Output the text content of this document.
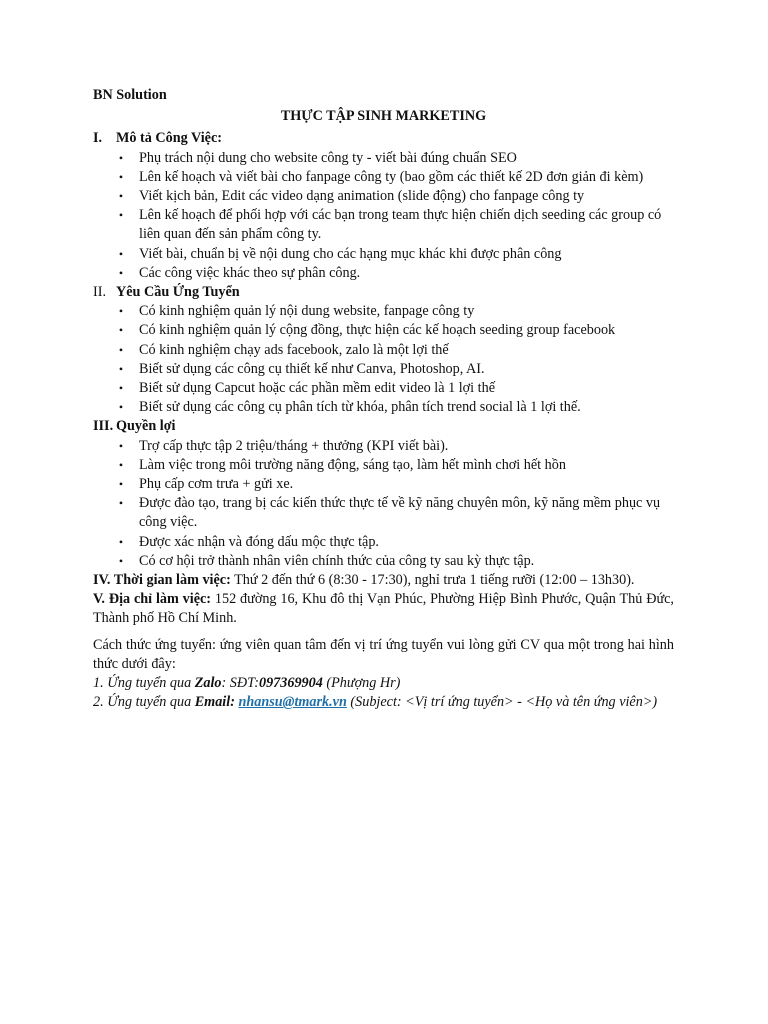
BN Solution
THỰC TẬP SINH MARKETING
I. Mô tả Công Việc:
• Phụ trách nội dung cho website công ty - viết bài đúng chuẩn SEO
• Lên kế hoạch và viết bài cho fanpage công ty (bao gồm các thiết kế 2D đơn giản đi kèm)
• Viết kịch bản, Edit các video dạng animation (slide động) cho fanpage công ty
• Lên kế hoạch để phối hợp với các bạn trong team thực hiện chiến dịch seeding các group có liên quan đến sản phẩm công ty.
• Viết bài, chuẩn bị về nội dung cho các hạng mục khác khi được phân công
• Các công việc khác theo sự phân công.
II. Yêu Cầu Ứng Tuyển
• Có kinh nghiệm quản lý nội dung website, fanpage công ty
• Có kinh nghiệm quản lý cộng đồng, thực hiện các kế hoạch seeding group facebook
• Có kinh nghiệm chạy ads facebook, zalo là một lợi thế
• Biết sử dụng các công cụ thiết kế như Canva, Photoshop, AI.
• Biết sử dụng Capcut hoặc các phần mềm edit video là 1 lợi thế
• Biết sử dụng các công cụ phân tích từ khóa, phân tích trend social là 1 lợi thế.
III. Quyền lợi
• Trợ cấp thực tập 2 triệu/tháng + thưởng (KPI viết bài).
• Làm việc trong môi trường năng động, sáng tạo, làm hết mình chơi hết hồn
• Phụ cấp cơm trưa + gửi xe.
• Được đào tạo, trang bị các kiến thức thực tế về kỹ năng chuyên môn, kỹ năng mềm phục vụ công việc.
• Được xác nhận và đóng dấu mộc thực tập.
• Có cơ hội trở thành nhân viên chính thức của công ty sau kỳ thực tập.
IV. Thời gian làm việc: Thứ 2 đến thứ 6 (8:30 - 17:30), nghỉ trưa 1 tiếng rưỡi (12:00 – 13h30).
V. Địa chỉ làm việc: 152 đường 16, Khu đô thị Vạn Phúc, Phường Hiệp Bình Phước, Quận Thủ Đức, Thành phố Hồ Chí Minh.
Cách thức ứng tuyển: ứng viên quan tâm đến vị trí ứng tuyển vui lòng gửi CV qua một trong hai hình thức dưới đây:
1. Ứng tuyển qua Zalo: SĐT:097369904 (Phượng Hr)
2. Ứng tuyển qua Email: nhansu@tmark.vn (Subject: <Vị trí ứng tuyển> - <Họ và tên ứng viên>)
